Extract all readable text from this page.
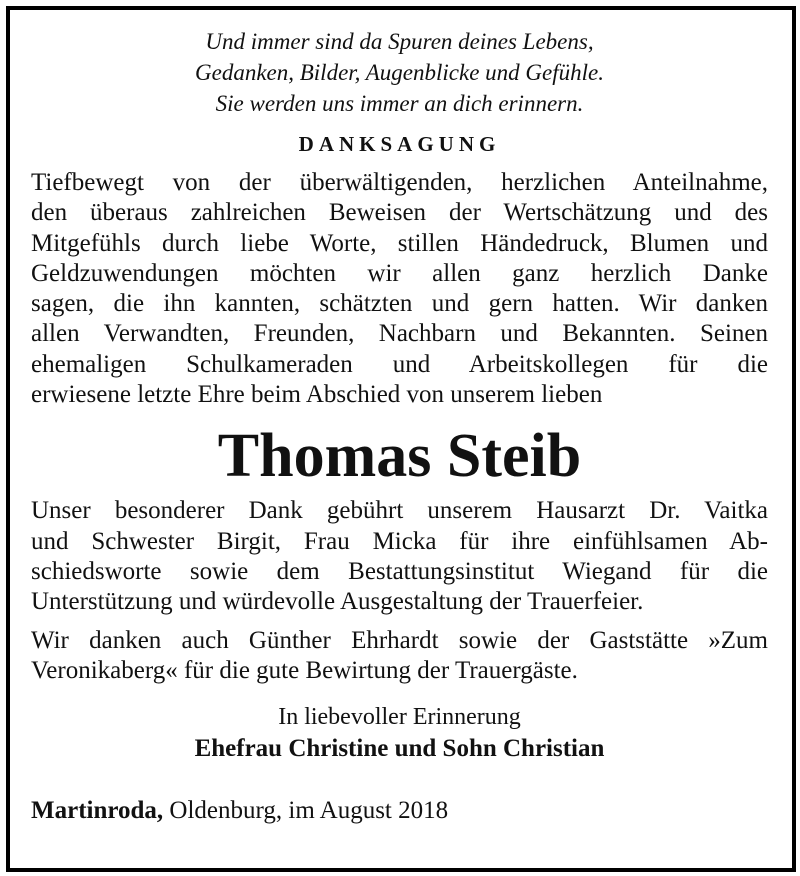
Und immer sind da Spuren deines Lebens,
Gedanken, Bilder, Augenblicke und Gefühle.
Sie werden uns immer an dich erinnern.
DANKSAGUNG
Tiefbewegt von der überwältigenden, herzlichen Anteilnahme,
den überaus zahlreichen Beweisen der Wertschätzung und des
Mitgefühls durch liebe Worte, stillen Händedruck, Blumen und
Geldzuwendungen möchten wir allen ganz herzlich Danke
sagen, die ihn kannten, schätzten und gern hatten. Wir danken
allen Verwandten, Freunden, Nachbarn und Bekannten. Seinen
ehemaligen Schulkameraden und Arbeitskollegen für die
erwiesene letzte Ehre beim Abschied von unserem lieben
Thomas Steib
Unser besonderer Dank gebührt unserem Hausarzt Dr. Vaitka
und Schwester Birgit, Frau Micka für ihre einfühlsamen Ab-
schiedsworte sowie dem Bestattungsinstitut Wiegand für die
Unterstützung und würdevolle Ausgestaltung der Trauerfeier.
Wir danken auch Günther Ehrhardt sowie der Gaststätte »Zum
Veronikaberg« für die gute Bewirtung der Trauergäste.
In liebevoller Erinnerung
Ehefrau Christine und Sohn Christian
Martinroda, Oldenburg, im August 2018
